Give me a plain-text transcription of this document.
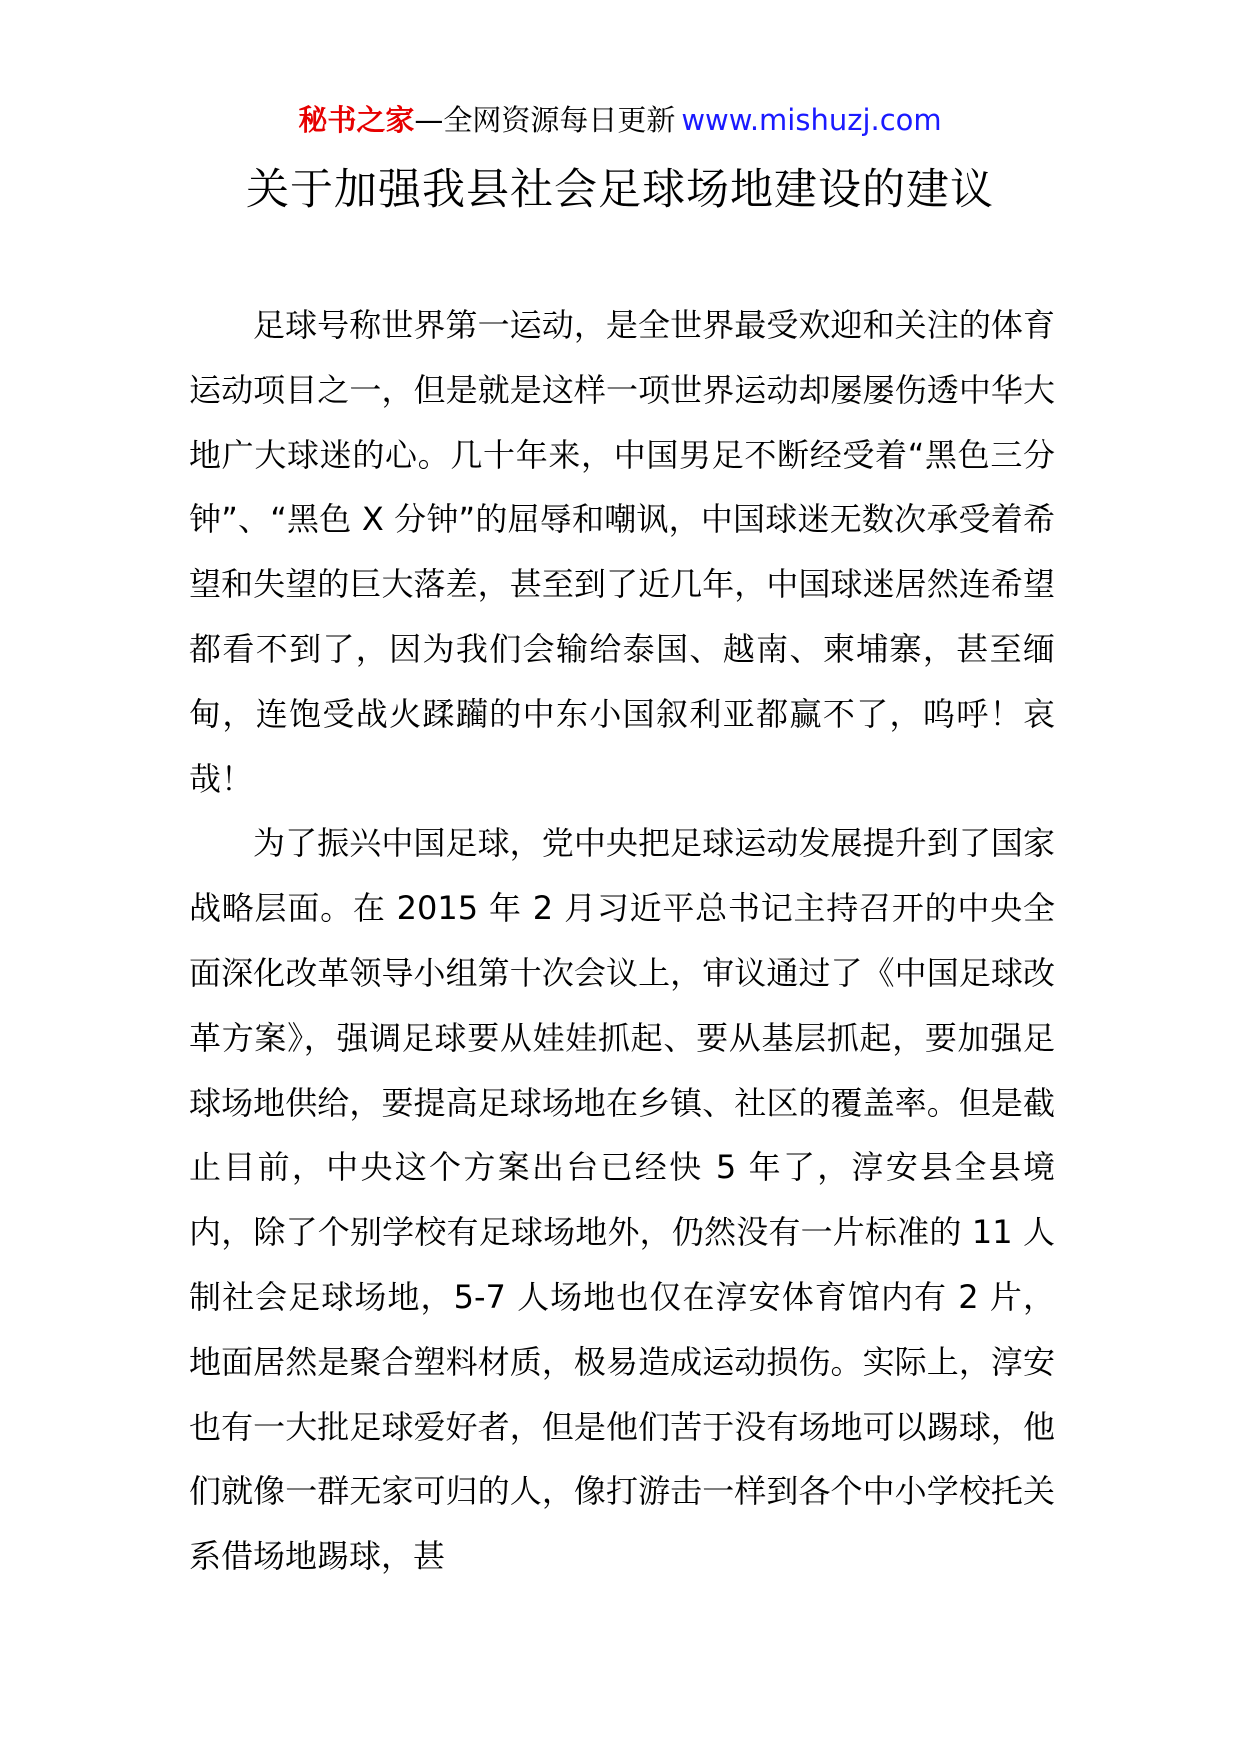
秘书之家—全网资源每日更新 www.mishuzj.com
关于加强我县社会足球场地建设的建议

足球号称世界第一运动，是全世界最受欢迎和关注的体育运动项目之一，但是就是这样一项世界运动却屡屡伤透中华大地广大球迷的心。几十年来，中国男足不断经受着“黑色三分钟”、“黑色 X 分钟”的屈辱和嘲讽，中国球迷无数次承受着希望和失望的巨大落差，甚至到了近几年，中国球迷居然连希望都看不到了，因为我们会输给泰国、越南、柬埔寨，甚至缅甸，连饱受战火蹂躏的中东小国叙利亚都赢不了，呜呼！哀哉！

为了振兴中国足球，党中央把足球运动发展提升到了国家战略层面。在 2015 年 2 月习近平总书记主持召开的中央全面深化改革领导小组第十次会议上，审议通过了《中国足球改革方案》，强调足球要从娃娃抓起、要从基层抓起，要加强足球场地供给，要提高足球场地在乡镇、社区的覆盖率。但是截止目前，中央这个方案出台已经快 5 年了，淳安县全县境内，除了个别学校有足球场地外，仍然没有一片标准的 11 人制社会足球场地，5-7 人场地也仅在淳安体育馆内有 2 片，地面居然是聚合塑料材质，极易造成运动损伤。实际上，淳安也有一大批足球爱好者，但是他们苦于没有场地可以踢球，他们就像一群无家可归的人，像打游击一样到各个中小学校托关系借场地踢球，甚
